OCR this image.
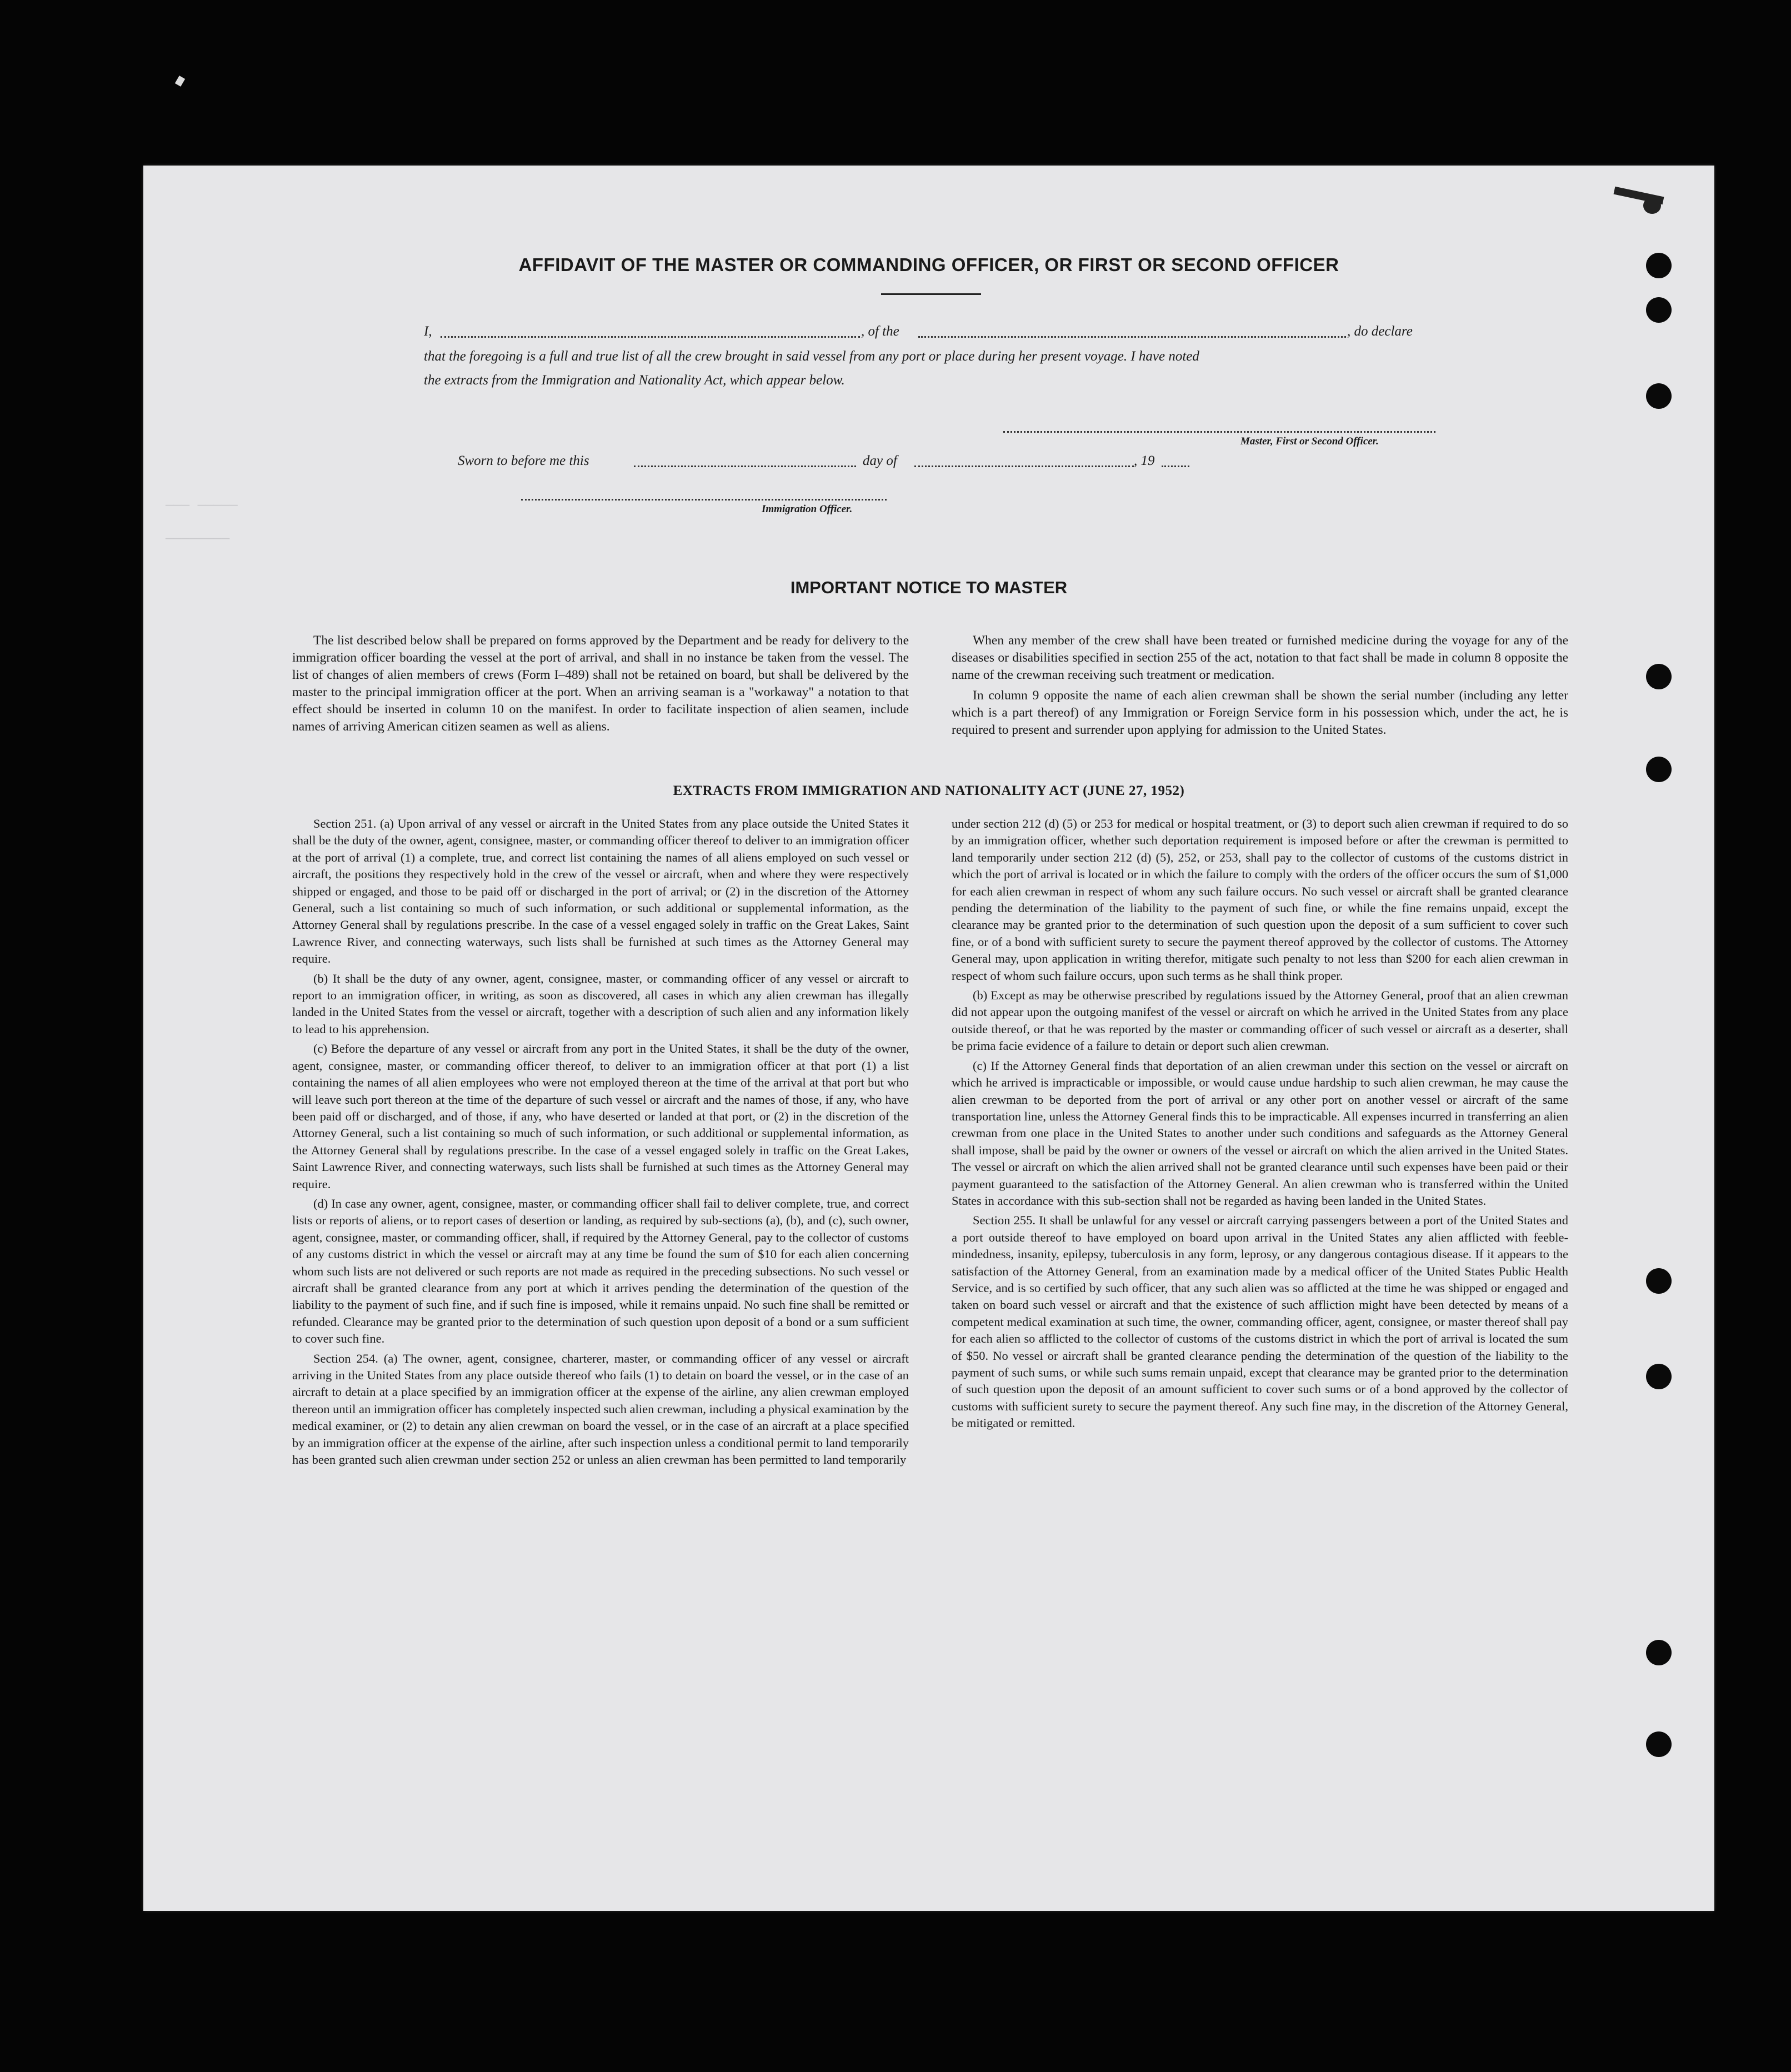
─── ─────
────────
AFFIDAVIT OF THE MASTER OR COMMANDING OFFICER, OR FIRST OR SECOND OFFICER
I,	, of the	, do declare
that the foregoing is a full and true list of all the crew brought in said vessel from any port or place during her present voyage. I have noted
the extracts from the Immigration and Nationality Act, which appear below.
Master, First or Second Officer.
Sworn to before me this	day of	, 19
Immigration Officer.
IMPORTANT NOTICE TO MASTER

The list described below shall be prepared on forms approved by the Department and be ready for delivery to the immigration officer boarding the vessel at the port of arrival, and shall in no instance be taken from the vessel. The list of changes of alien members of crews (Form I–489) shall not be retained on board, but shall be delivered by the master to the principal immigration officer at the port. When an arriving seaman is a "workaway" a notation to that effect should be inserted in column 10 on the manifest. In order to facilitate inspection of alien seamen, include names of arriving American citizen seamen as well as aliens.

When any member of the crew shall have been treated or furnished medicine during the voyage for any of the diseases or disabilities specified in section 255 of the act, notation to that fact shall be made in column 8 opposite the name of the crewman receiving such treatment or medication.

In column 9 opposite the name of each alien crewman shall be shown the serial number (including any letter which is a part thereof) of any Immigration or Foreign Service form in his possession which, under the act, he is required to present and surrender upon applying for admission to the United States.

EXTRACTS FROM IMMIGRATION AND NATIONALITY ACT (JUNE 27, 1952)

Section 251. (a) Upon arrival of any vessel or aircraft in the United States from any place outside the United States it shall be the duty of the owner, agent, consignee, master, or commanding officer thereof to deliver to an immigration officer at the port of arrival (1) a complete, true, and correct list containing the names of all aliens employed on such vessel or aircraft, the positions they respectively hold in the crew of the vessel or aircraft, when and where they were respectively shipped or engaged, and those to be paid off or discharged in the port of arrival; or (2) in the discretion of the Attorney General, such a list containing so much of such information, or such additional or supplemental information, as the Attorney General shall by regulations prescribe. In the case of a vessel engaged solely in traffic on the Great Lakes, Saint Lawrence River, and connecting waterways, such lists shall be furnished at such times as the Attorney General may require.

(b) It shall be the duty of any owner, agent, consignee, master, or commanding officer of any vessel or aircraft to report to an immigration officer, in writing, as soon as discovered, all cases in which any alien crewman has illegally landed in the United States from the vessel or aircraft, together with a description of such alien and any information likely to lead to his apprehension.

(c) Before the departure of any vessel or aircraft from any port in the United States, it shall be the duty of the owner, agent, consignee, master, or commanding officer thereof, to deliver to an immigration officer at that port (1) a list containing the names of all alien employees who were not employed thereon at the time of the arrival at that port but who will leave such port thereon at the time of the departure of such vessel or aircraft and the names of those, if any, who have been paid off or discharged, and of those, if any, who have deserted or landed at that port, or (2) in the discretion of the Attorney General, such a list containing so much of such information, or such additional or supplemental information, as the Attorney General shall by regulations prescribe. In the case of a vessel engaged solely in traffic on the Great Lakes, Saint Lawrence River, and connecting waterways, such lists shall be furnished at such times as the Attorney General may require.

(d) In case any owner, agent, consignee, master, or commanding officer shall fail to deliver complete, true, and correct lists or reports of aliens, or to report cases of desertion or landing, as required by sub-sections (a), (b), and (c), such owner, agent, consignee, master, or commanding officer, shall, if required by the Attorney General, pay to the collector of customs of any customs district in which the vessel or aircraft may at any time be found the sum of $10 for each alien concerning whom such lists are not delivered or such reports are not made as required in the preceding subsections. No such vessel or aircraft shall be granted clearance from any port at which it arrives pending the determination of the question of the liability to the payment of such fine, and if such fine is imposed, while it remains unpaid. No such fine shall be remitted or refunded. Clearance may be granted prior to the determination of such question upon deposit of a bond or a sum sufficient to cover such fine.

Section 254. (a) The owner, agent, consignee, charterer, master, or commanding officer of any vessel or aircraft arriving in the United States from any place outside thereof who fails (1) to detain on board the vessel, or in the case of an aircraft to detain at a place specified by an immigration officer at the expense of the airline, any alien crewman employed thereon until an immigration officer has completely inspected such alien crewman, including a physical examination by the medical examiner, or (2) to detain any alien crewman on board the vessel, or in the case of an aircraft at a place specified by an immigration officer at the expense of the airline, after such inspection unless a conditional permit to land temporarily has been granted such alien crewman under section 252 or unless an alien crewman has been permitted to land temporarily

under section 212 (d) (5) or 253 for medical or hospital treatment, or (3) to deport such alien crewman if required to do so by an immigration officer, whether such deportation requirement is imposed before or after the crewman is permitted to land temporarily under section 212 (d) (5), 252, or 253, shall pay to the collector of customs of the customs district in which the port of arrival is located or in which the failure to comply with the orders of the officer occurs the sum of $1,000 for each alien crewman in respect of whom any such failure occurs. No such vessel or aircraft shall be granted clearance pending the determination of the liability to the payment of such fine, or while the fine remains unpaid, except the clearance may be granted prior to the determination of such question upon the deposit of a sum sufficient to cover such fine, or of a bond with sufficient surety to secure the payment thereof approved by the collector of customs. The Attorney General may, upon application in writing therefor, mitigate such penalty to not less than $200 for each alien crewman in respect of whom such failure occurs, upon such terms as he shall think proper.

(b) Except as may be otherwise prescribed by regulations issued by the Attorney General, proof that an alien crewman did not appear upon the outgoing manifest of the vessel or aircraft on which he arrived in the United States from any place outside thereof, or that he was reported by the master or commanding officer of such vessel or aircraft as a deserter, shall be prima facie evidence of a failure to detain or deport such alien crewman.

(c) If the Attorney General finds that deportation of an alien crewman under this section on the vessel or aircraft on which he arrived is impracticable or impossible, or would cause undue hardship to such alien crewman, he may cause the alien crewman to be deported from the port of arrival or any other port on another vessel or aircraft of the same transportation line, unless the Attorney General finds this to be impracticable. All expenses incurred in transferring an alien crewman from one place in the United States to another under such conditions and safeguards as the Attorney General shall impose, shall be paid by the owner or owners of the vessel or aircraft on which the alien arrived in the United States. The vessel or aircraft on which the alien arrived shall not be granted clearance until such expenses have been paid or their payment guaranteed to the satisfaction of the Attorney General. An alien crewman who is transferred within the United States in accordance with this sub-section shall not be regarded as having been landed in the United States.

Section 255. It shall be unlawful for any vessel or aircraft carrying passengers between a port of the United States and a port outside thereof to have employed on board upon arrival in the United States any alien afflicted with feeble-mindedness, insanity, epilepsy, tuberculosis in any form, leprosy, or any dangerous contagious disease. If it appears to the satisfaction of the Attorney General, from an examination made by a medical officer of the United States Public Health Service, and is so certified by such officer, that any such alien was so afflicted at the time he was shipped or engaged and taken on board such vessel or aircraft and that the existence of such affliction might have been detected by means of a competent medical examination at such time, the owner, commanding officer, agent, consignee, or master thereof shall pay for each alien so afflicted to the collector of customs of the customs district in which the port of arrival is located the sum of $50. No vessel or aircraft shall be granted clearance pending the determination of the question of the liability to the payment of such sums, or while such sums remain unpaid, except that clearance may be granted prior to the determination of such question upon the deposit of an amount sufficient to cover such sums or of a bond approved by the collector of customs with sufficient surety to secure the payment thereof. Any such fine may, in the discretion of the Attorney General, be mitigated or remitted.
